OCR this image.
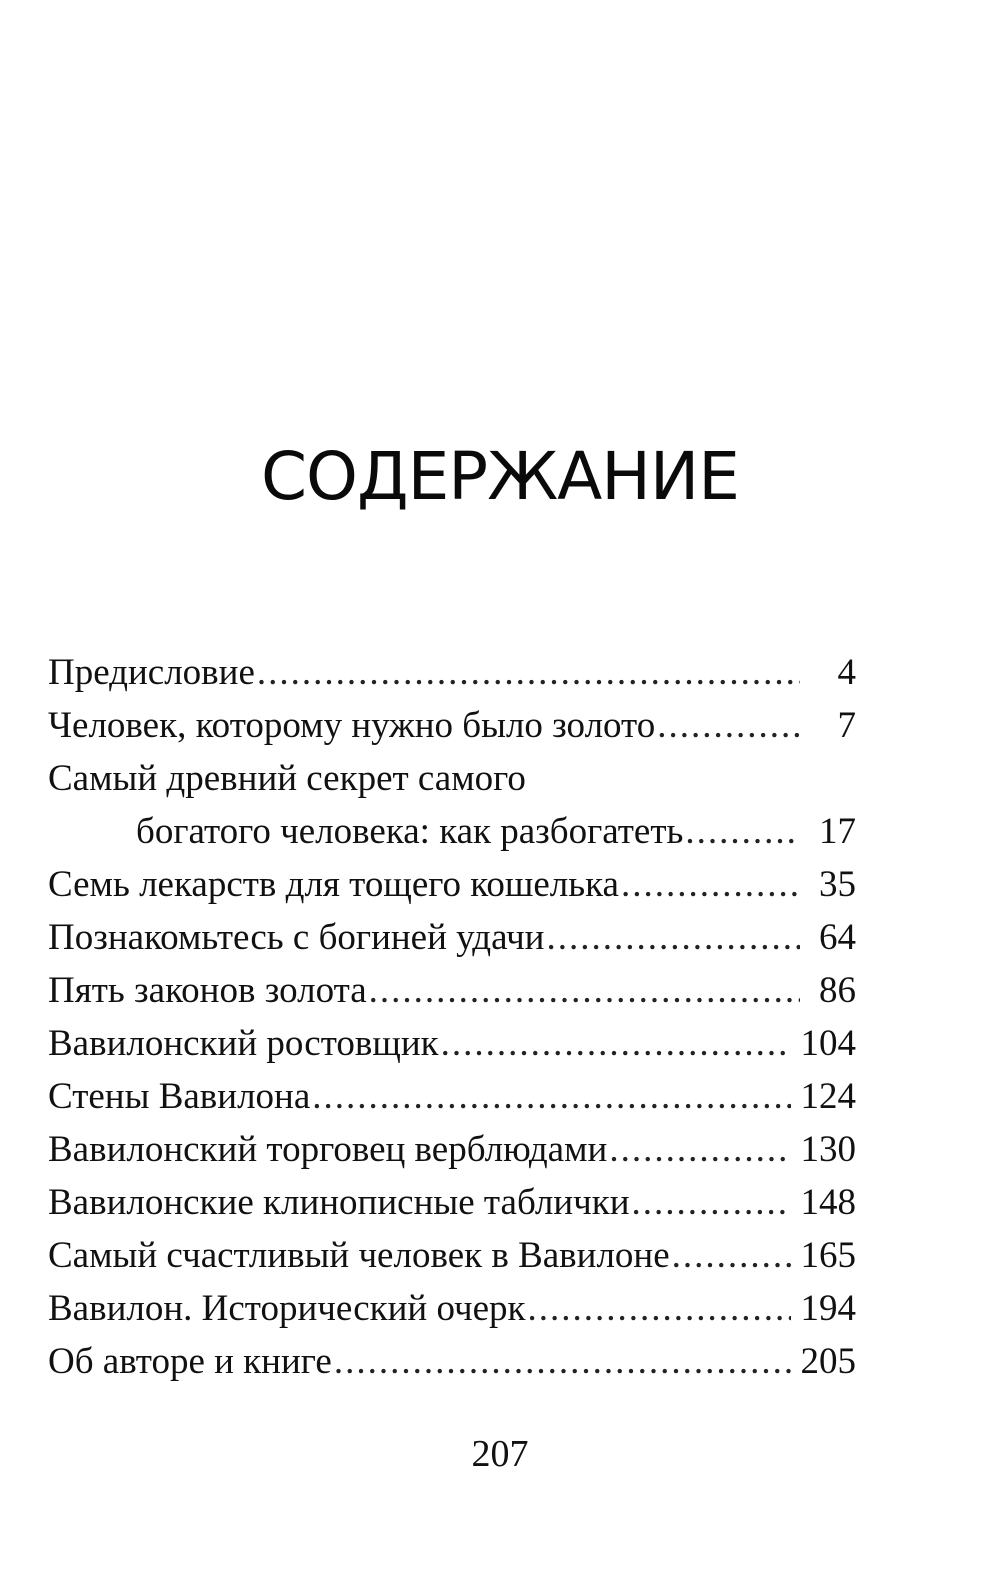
СОДЕРЖАНИЕ
Предисловие .....	4
Человек, которому нужно было золото .....	7
Самый древний секрет самого
богатого человека: как разбогатеть .....	17
Семь лекарств для тощего кошелька .....	35
Познакомьтесь с богиней удачи .....	64
Пять законов золота .....	86
Вавилонский ростовщик .....	104
Стены Вавилона .....	124
Вавилонский торговец верблюдами .....	130
Вавилонские клинописные таблички .....	148
Самый счастливый человек в Вавилоне .....	165
Вавилон. Исторический очерк .....	194
Об авторе и книге .....	205
207
